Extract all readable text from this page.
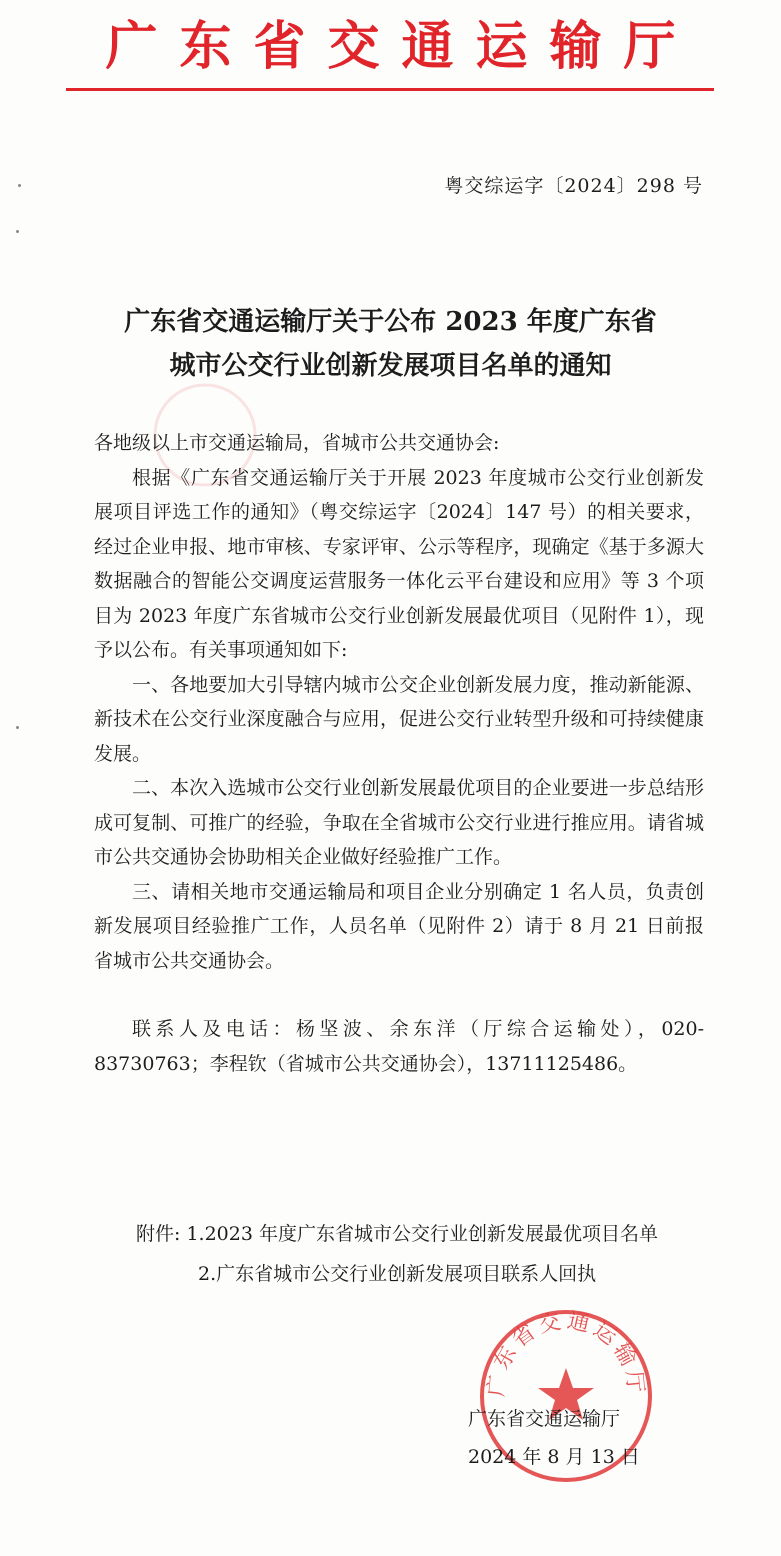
广东省交通运输厅
粤交综运字〔2024〕298 号
广东省交通运输厅关于公布 2023 年度广东省
城市公交行业创新发展项目名单的通知

各地级以上市交通运输局，省城市公共交通协会:

根据《广东省交通运输厅关于开展 2023 年度城市公交行业创新发展项目评选工作的通知》（粤交综运字〔2024〕147 号）的相关要求，经过企业申报、地市审核、专家评审、公示等程序，现确定《基于多源大数据融合的智能公交调度运营服务一体化云平台建设和应用》等 3 个项目为 2023 年度广东省城市公交行业创新发展最优项目（见附件 1），现予以公布。有关事项通知如下:

一、各地要加大引导辖内城市公交企业创新发展力度，推动新能源、新技术在公交行业深度融合与应用，促进公交行业转型升级和可持续健康发展。

二、本次入选城市公交行业创新发展最优项目的企业要进一步总结形成可复制、可推广的经验，争取在全省城市公交行业进行推应用。请省城市公共交通协会协助相关企业做好经验推广工作。

三、请相关地市交通运输局和项目企业分别确定 1 名人员，负责创新发展项目经验推广工作，人员名单（见附件 2）请于 8 月 21 日前报省城市公共交通协会。

联系人及电话：杨坚波、余东洋（厅综合运输处），020-83730763；李程钦（省城市公共交通协会），13711125486。

附件: 1.2023 年度广东省城市公交行业创新发展最优项目名单
2.广东省城市公交行业创新发展项目联系人回执
广东省交通运输厅
广东省交通运输厅
2024 年 8 月 13 日
